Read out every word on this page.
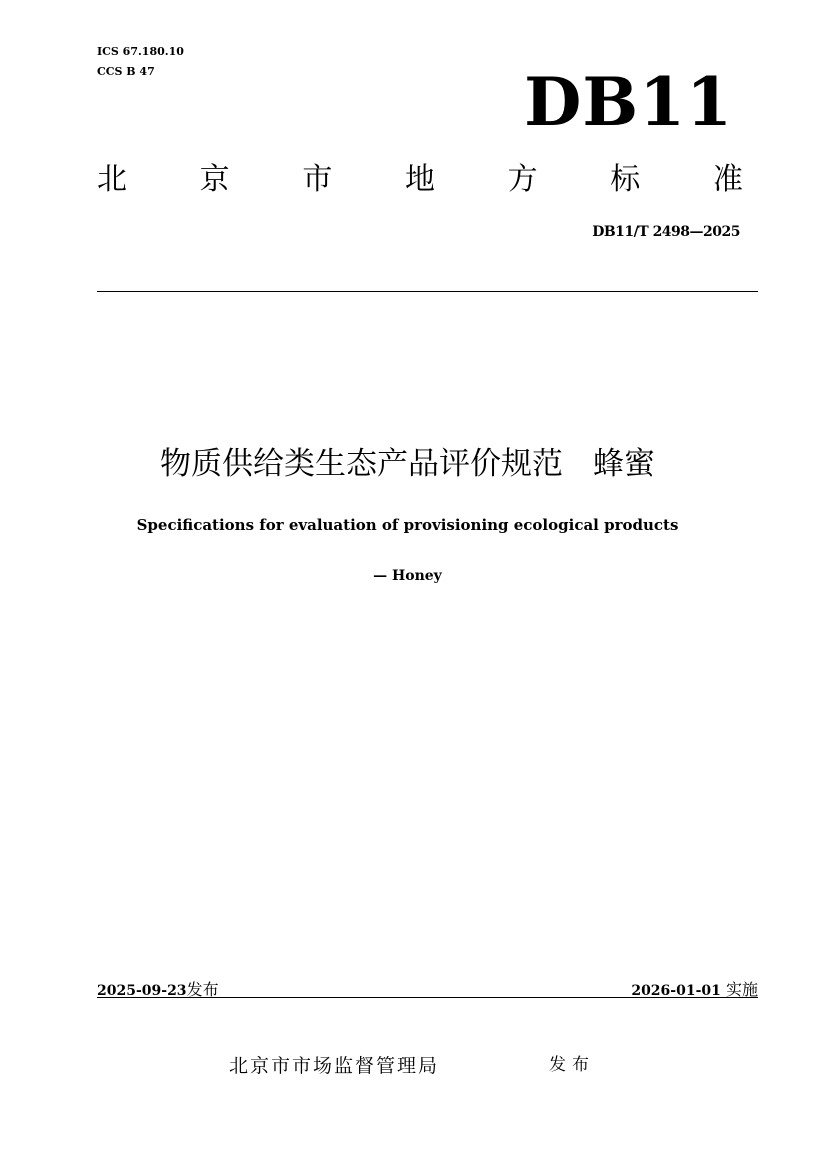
ICS 67.180.10
CCS B 47	DB11
北 京 市 地 方 标 准
DB11/T 2498—2025
物质供给类生态产品评价规范 蜂蜜
Specifications for evaluation of provisioning ecological products
— Honey
2025-09-23发布	2026-01-01 实施
北京市市场监督管理局	发布
